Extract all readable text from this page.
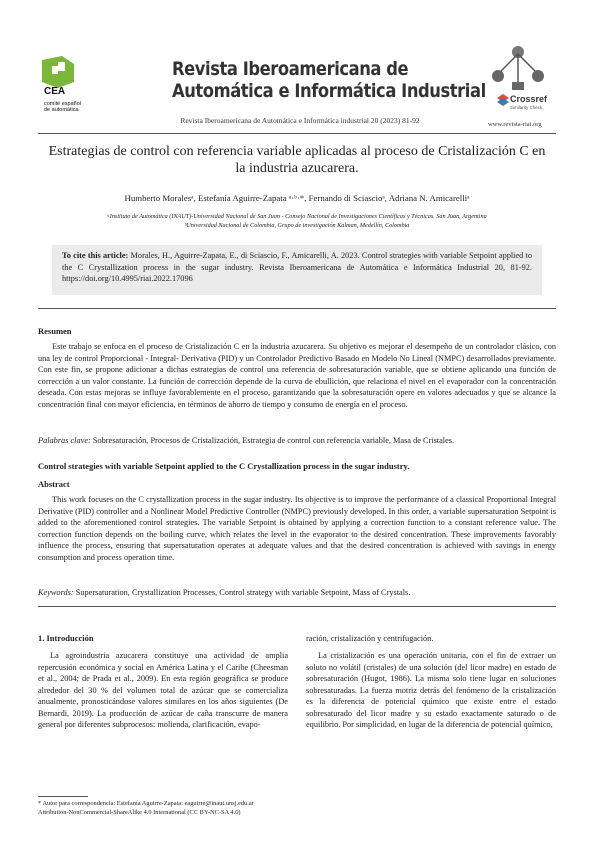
CEA
comité español de automática
Revista Iberoamericana de
Automática e Informática Industrial
Revista Iberoamericana de Automática e Informática industrial 20 (2023) 81-92
Crossref
Similarity Check
www.revista-riai.org
Estrategias de control con referencia variable aplicadas al proceso de Cristalización C en
la industria azucarera.
Humberto Moralesᵃ, Estefanía Aguirre-Zapata ᵃ·ᵇ·*, Fernando di Sciascioᵃ, Adriana N. Amicarelliᵃ
ᵃInstituto de Automática (INAUT)-Universidad Nacional de San Juan - Consejo Nacional de Investigaciones Científicas y Técnicas. San Juan, Argentina
ᵇUniversidad Nacional de Colombia, Grupo de investigación Kalman, Medellín, Colombia
To cite this article: Morales, H., Aguirre-Zapata, E., di Sciascio, F., Amicarelli, A. 2023. Control strategies with variable Setpoint applied to the C Crystallization process in the sugar industry. Revista Iberoamericana de Automática e Informática Industrial 20, 81-92. https://doi.org/10.4995/riai.2022.17096
Resumen
Este trabajo se enfoca en el proceso de Cristalización C en la industria azucarera. Su objetivo es mejorar el desempeño de un controlador clásico, con una ley de control Proporcional - Integral- Derivativa (PID) y un Controlador Predictivo Basado en Modelo No Lineal (NMPC) desarrollados previamente. Con este fin, se propone adicionar a dichas estrategias de control una referencia de sobresaturación variable, que se obtiene aplicando una función de corrección a un valor constante. La función de corrección depende de la curva de ebullición, que relaciona el nivel en el evaporador con la concentración deseada. Con estas mejoras se influye favorablemente en el proceso, garantizando que la sobresaturación opere en valores adecuados y que se alcance la concentración final con mayor eficiencia, en términos de ahorro de tiempo y consumo de energía en el proceso.
Palabras clave: Sobresaturación, Procesos de Cristalización, Estrategia de control con referencia variable, Masa de Cristales.
Control strategies with variable Setpoint applied to the C Crystallization process in the sugar industry.
Abstract
This work focuses on the C crystallization process in the sugar industry. Its objective is to improve the performance of a classical Proportional Integral Derivative (PID) controller and a Nonlinear Model Predictive Controller (NMPC) previously developed. In this order, a variable supersaturation Setpoint is added to the aforementioned control strategies. The variable Setpoint is obtained by applying a correction function to a constant reference value. The correction function depends on the boiling curve, which relates the level in the evaporator to the desired concentration. These improvements favorably influence the process, ensuring that supersaturation operates at adequate values and that the desired concentration is achieved with savings in energy consumption and process operation time.
Keywords: Supersaturation, Crystallization Processes, Control strategy with variable Setpoint, Mass of Crystals.
1. Introducción
La agroindustria azucarera constituye una actividad de amplia repercusión económica y social en América Latina y el Caribe (Cheesman et al., 2004; de Prada et al., 2009). En esta región geográfica se produce alrededor del 30 % del volumen total de azúcar que se comercializa anualmente, pronosticándose valores similares en los años siguientes (De Bernardi, 2019). La producción de azúcar de caña transcurre de manera general por diferentes subprocesos: molienda, clarificación, evapo-
ración, cristalización y centrifugación.
La cristalización es una operación unitaria, con el fin de extraer un soluto no volátil (cristales) de una solución (del licor madre) en estado de sobresaturación (Hugot, 1986). La misma solo tiene lugar en soluciones sobresaturadas. La fuerza motriz detrás del fenómeno de la cristalización es la diferencia de potencial químico que existe entre el estado sobresaturado del licor madre y su estado exactamente saturado o de equilibrio. Por simplicidad, en lugar de la diferencia de potencial químico,
* Autor para correspondencia: Estefanía Aguirre-Zapata: eaguirre@inaut.unsj.edu.ar
Attribution-NonCommercial-ShareAlike 4.0 International (CC BY-NC-SA 4.0)
